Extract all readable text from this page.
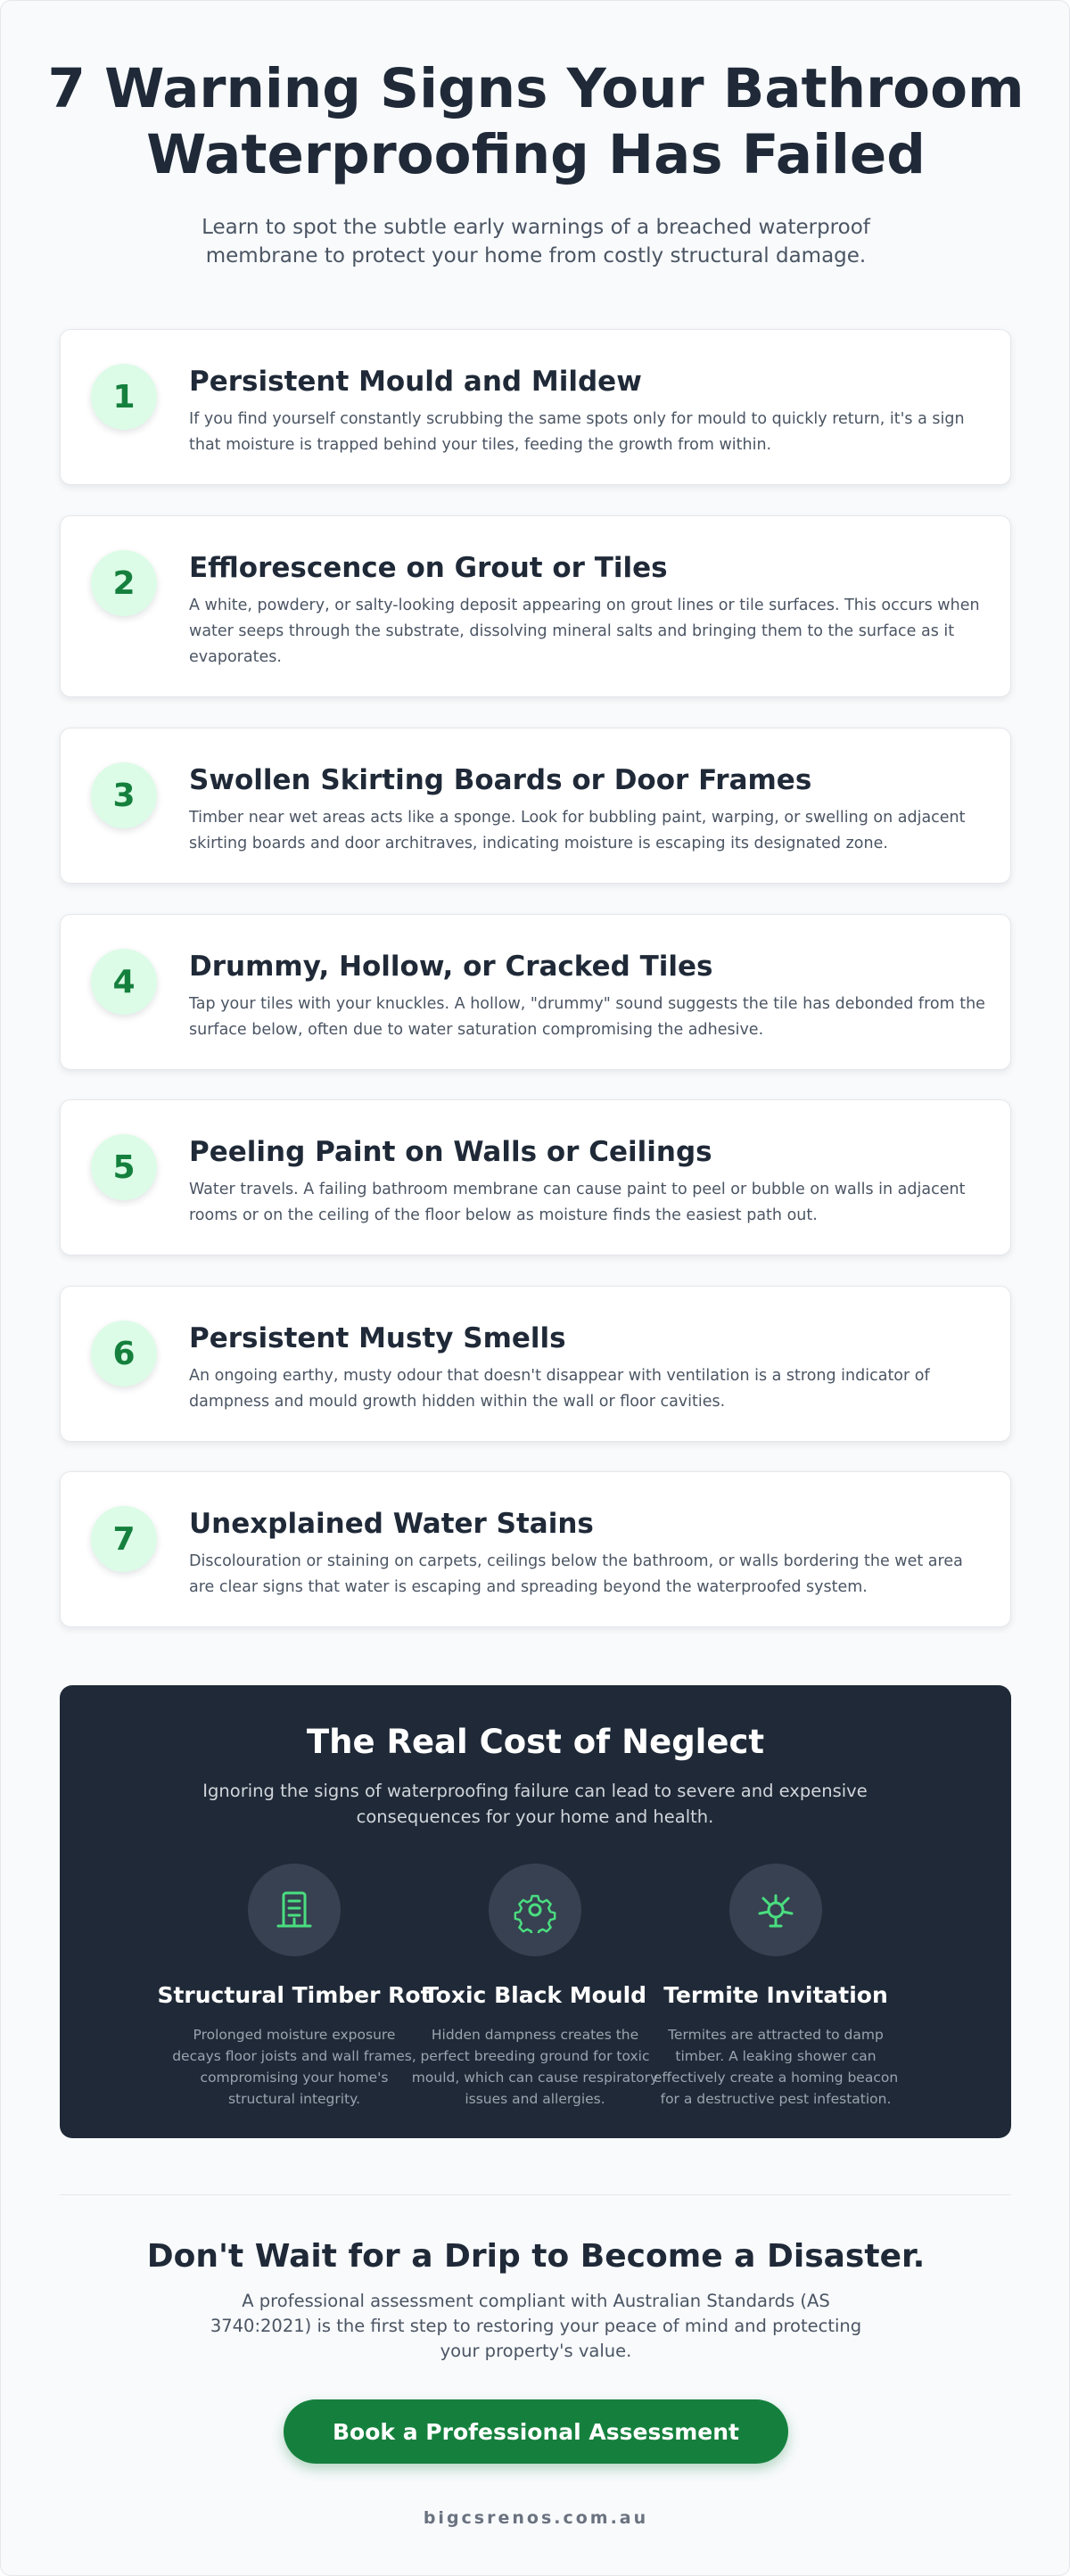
7 Warning Signs Your Bathroom
Waterproofing Has Failed

Learn to spot the subtle early warnings of a breached waterproof membrane to protect your home from costly structural damage.

1	Persistent Mould and Mildew

If you find yourself constantly scrubbing the same spots only for mould to quickly return, it's a sign that moisture is trapped behind your tiles, feeding the growth from within.

2	Efflorescence on Grout or Tiles

A white, powdery, or salty-looking deposit appearing on grout lines or tile surfaces. This occurs when water seeps through the substrate, dissolving mineral salts and bringing them to the surface as it evaporates.

3	Swollen Skirting Boards or Door Frames

Timber near wet areas acts like a sponge. Look for bubbling paint, warping, or swelling on adjacent skirting boards and door architraves, indicating moisture is escaping its designated zone.

4	Drummy, Hollow, or Cracked Tiles

Tap your tiles with your knuckles. A hollow, "drummy" sound suggests the tile has debonded from the surface below, often due to water saturation compromising the adhesive.

5	Peeling Paint on Walls or Ceilings

Water travels. A failing bathroom membrane can cause paint to peel or bubble on walls in adjacent rooms or on the ceiling of the floor below as moisture finds the easiest path out.

6	Persistent Musty Smells

An ongoing earthy, musty odour that doesn't disappear with ventilation is a strong indicator of dampness and mould growth hidden within the wall or floor cavities.

7	Unexplained Water Stains

Discolouration or staining on carpets, ceilings below the bathroom, or walls bordering the wet area are clear signs that water is escaping and spreading beyond the waterproofed system.

The Real Cost of Neglect

Ignoring the signs of waterproofing failure can lead to severe and expensive consequences for your home and health.

Structural Timber Rot

Prolonged moisture exposure decays floor joists and wall frames, compromising your home's structural integrity.

Toxic Black Mould

Hidden dampness creates the perfect breeding ground for toxic mould, which can cause respiratory issues and allergies.

Termite Invitation

Termites are attracted to damp timber. A leaking shower can effectively create a homing beacon for a destructive pest infestation.

Don't Wait for a Drip to Become a Disaster.

A professional assessment compliant with Australian Standards (AS 3740:2021) is the first step to restoring your peace of mind and protecting your property's value.

Book a Professional Assessment
bigcsrenos.com.au
